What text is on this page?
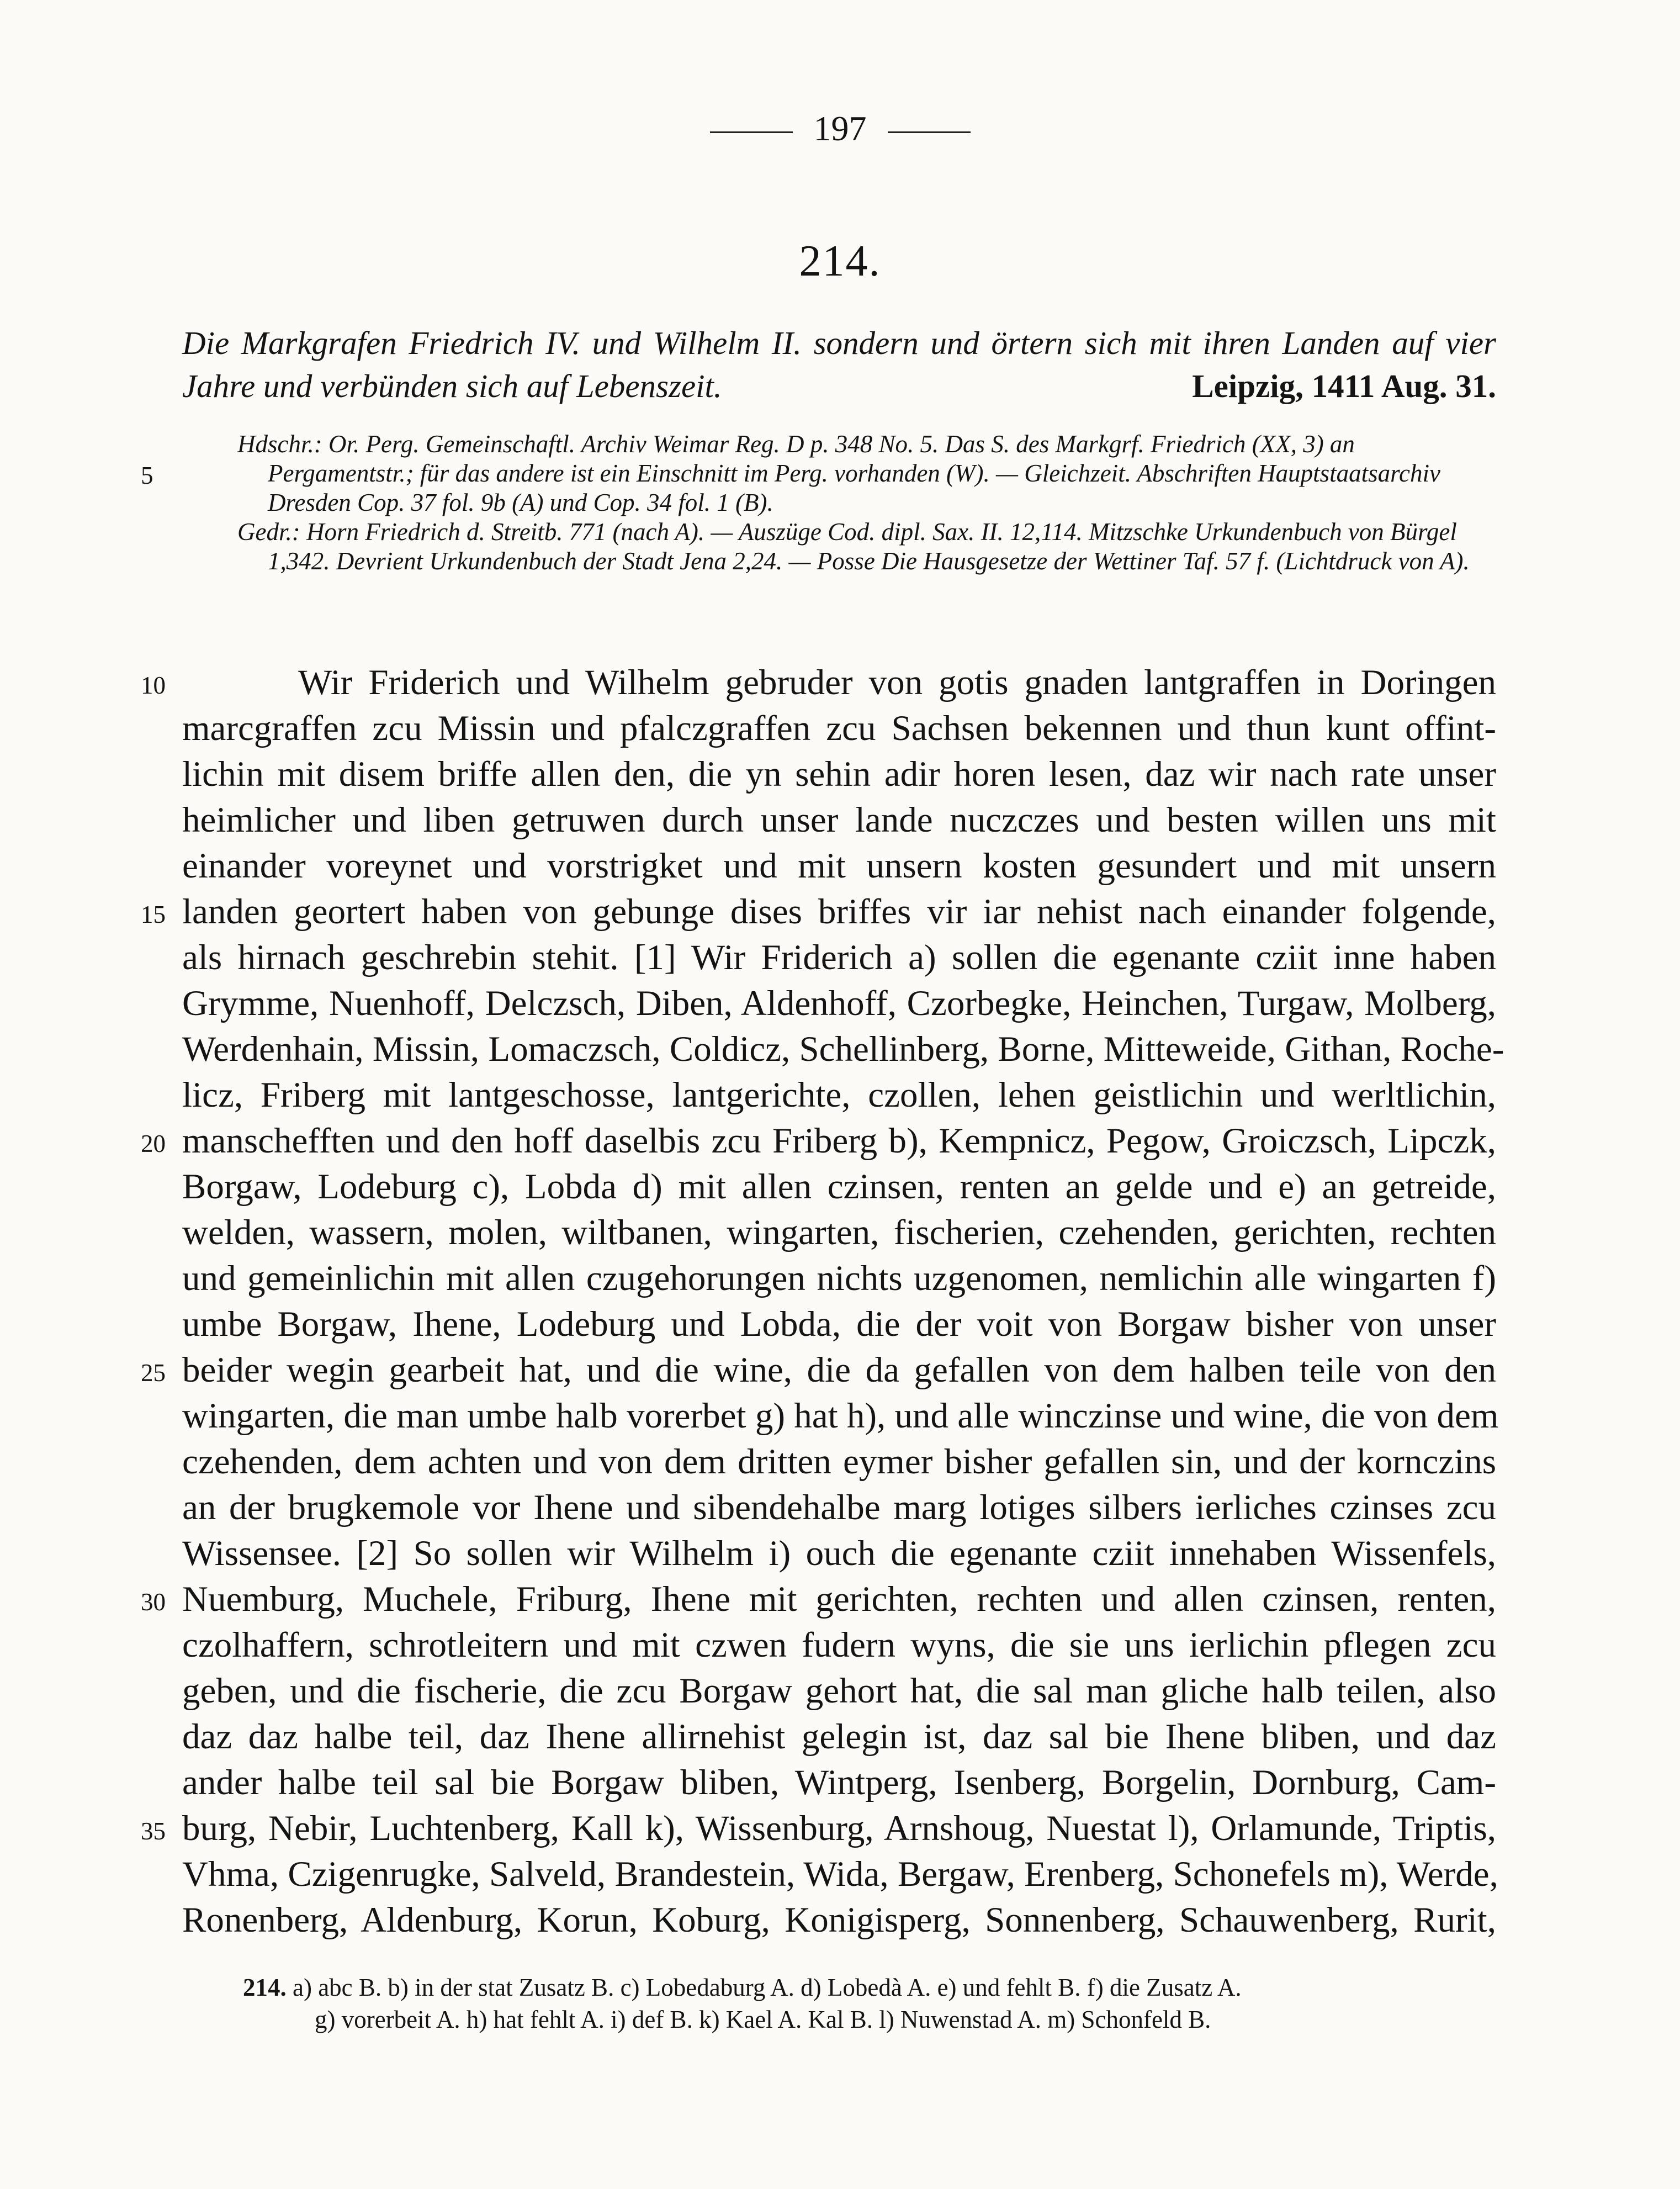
197
214.
Die Markgrafen Friedrich IV. und Wilhelm II. sondern und örtern sich mit ihren Landen auf vier Jahre und verbünden sich auf Lebenszeit.	Leipzig, 1411 Aug. 31.

Hdschr.: Or. Perg. Gemeinschaftl. Archiv Weimar Reg. D p. 348 No. 5. Das S. des Markgrf. Friedrich (XX, 3) an Pergamentstr.; für das andere ist ein Einschnitt im Perg. vorhanden (W). — Gleichzeit. Abschriften Hauptstaatsarchiv Dresden Cop. 37 fol. 9b (A) und Cop. 34 fol. 1 (B).

Gedr.: Horn Friedrich d. Streitb. 771 (nach A). — Auszüge Cod. dipl. Sax. II. 12,114. Mitzschke Urkundenbuch von Bürgel 1,342. Devrient Urkundenbuch der Stadt Jena 2,24. — Posse Die Hausgesetze der Wettiner Taf. 57 f. (Lichtdruck von A).

5
10
15
20
25
30
35
Wir Friderich und Wilhelm gebruder von gotis gnaden lantgraffen in Doringen
marcgraffen zcu Missin und pfalczgraffen zcu Sachsen bekennen und thun kunt offint-
lichin mit disem briffe allen den, die yn sehin adir horen lesen, daz wir nach rate unser
heimlicher und liben getruwen durch unser lande nuczczes und besten willen uns mit
einander voreynet und vorstrigket und mit unsern kosten gesundert und mit unsern
landen geortert haben von gebunge dises briffes vir iar nehist nach einander folgende,
als hirnach geschrebin stehit. [1] Wir Friderich a) sollen die egenante cziit inne haben
Grymme, Nuenhoff, Delczsch, Diben, Aldenhoff, Czorbegke, Heinchen, Turgaw, Molberg,
Werdenhain, Missin, Lomaczsch, Coldicz, Schellinberg, Borne, Mitteweide, Githan, Roche-
licz, Friberg mit lantgeschosse, lantgerichte, czollen, lehen geistlichin und werltlichin,
manschefften und den hoff daselbis zcu Friberg b), Kempnicz, Pegow, Groiczsch, Lipczk,
Borgaw, Lodeburg c), Lobda d) mit allen czinsen, renten an gelde und e) an getreide,
welden, wassern, molen, wiltbanen, wingarten, fischerien, czehenden, gerichten, rechten
und gemeinlichin mit allen czugehorungen nichts uzgenomen, nemlichin alle wingarten f)
umbe Borgaw, Ihene, Lodeburg und Lobda, die der voit von Borgaw bisher von unser
beider wegin gearbeit hat, und die wine, die da gefallen von dem halben teile von den
wingarten, die man umbe halb vorerbet g) hat h), und alle winczinse und wine, die von dem
czehenden, dem achten und von dem dritten eymer bisher gefallen sin, und der kornczins
an der brugkemole vor Ihene und sibendehalbe marg lotiges silbers ierliches czinses zcu
Wissensee. [2] So sollen wir Wilhelm i) ouch die egenante cziit innehaben Wissenfels,
Nuemburg, Muchele, Friburg, Ihene mit gerichten, rechten und allen czinsen, renten,
czolhaffern, schrotleitern und mit czwen fudern wyns, die sie uns ierlichin pflegen zcu
geben, und die fischerie, die zcu Borgaw gehort hat, die sal man gliche halb teilen, also
daz daz halbe teil, daz Ihene allirnehist gelegin ist, daz sal bie Ihene bliben, und daz
ander halbe teil sal bie Borgaw bliben, Wintperg, Isenberg, Borgelin, Dornburg, Cam-
burg, Nebir, Luchtenberg, Kall k), Wissenburg, Arnshoug, Nuestat l), Orlamunde, Triptis,
Vhma, Czigenrugke, Salveld, Brandestein, Wida, Bergaw, Erenberg, Schonefels m), Werde,
Ronenberg, Aldenburg, Korun, Koburg, Konigisperg, Sonnenberg, Schauwenberg, Rurit,
214. a) abc B. b) in der stat Zusatz B. c) Lobedaburg A. d) Lobedà A. e) und fehlt B. f) die Zusatz A.
g) vorerbeit A. h) hat fehlt A. i) def B. k) Kael A. Kal B. l) Nuwenstad A. m) Schonfeld B.
